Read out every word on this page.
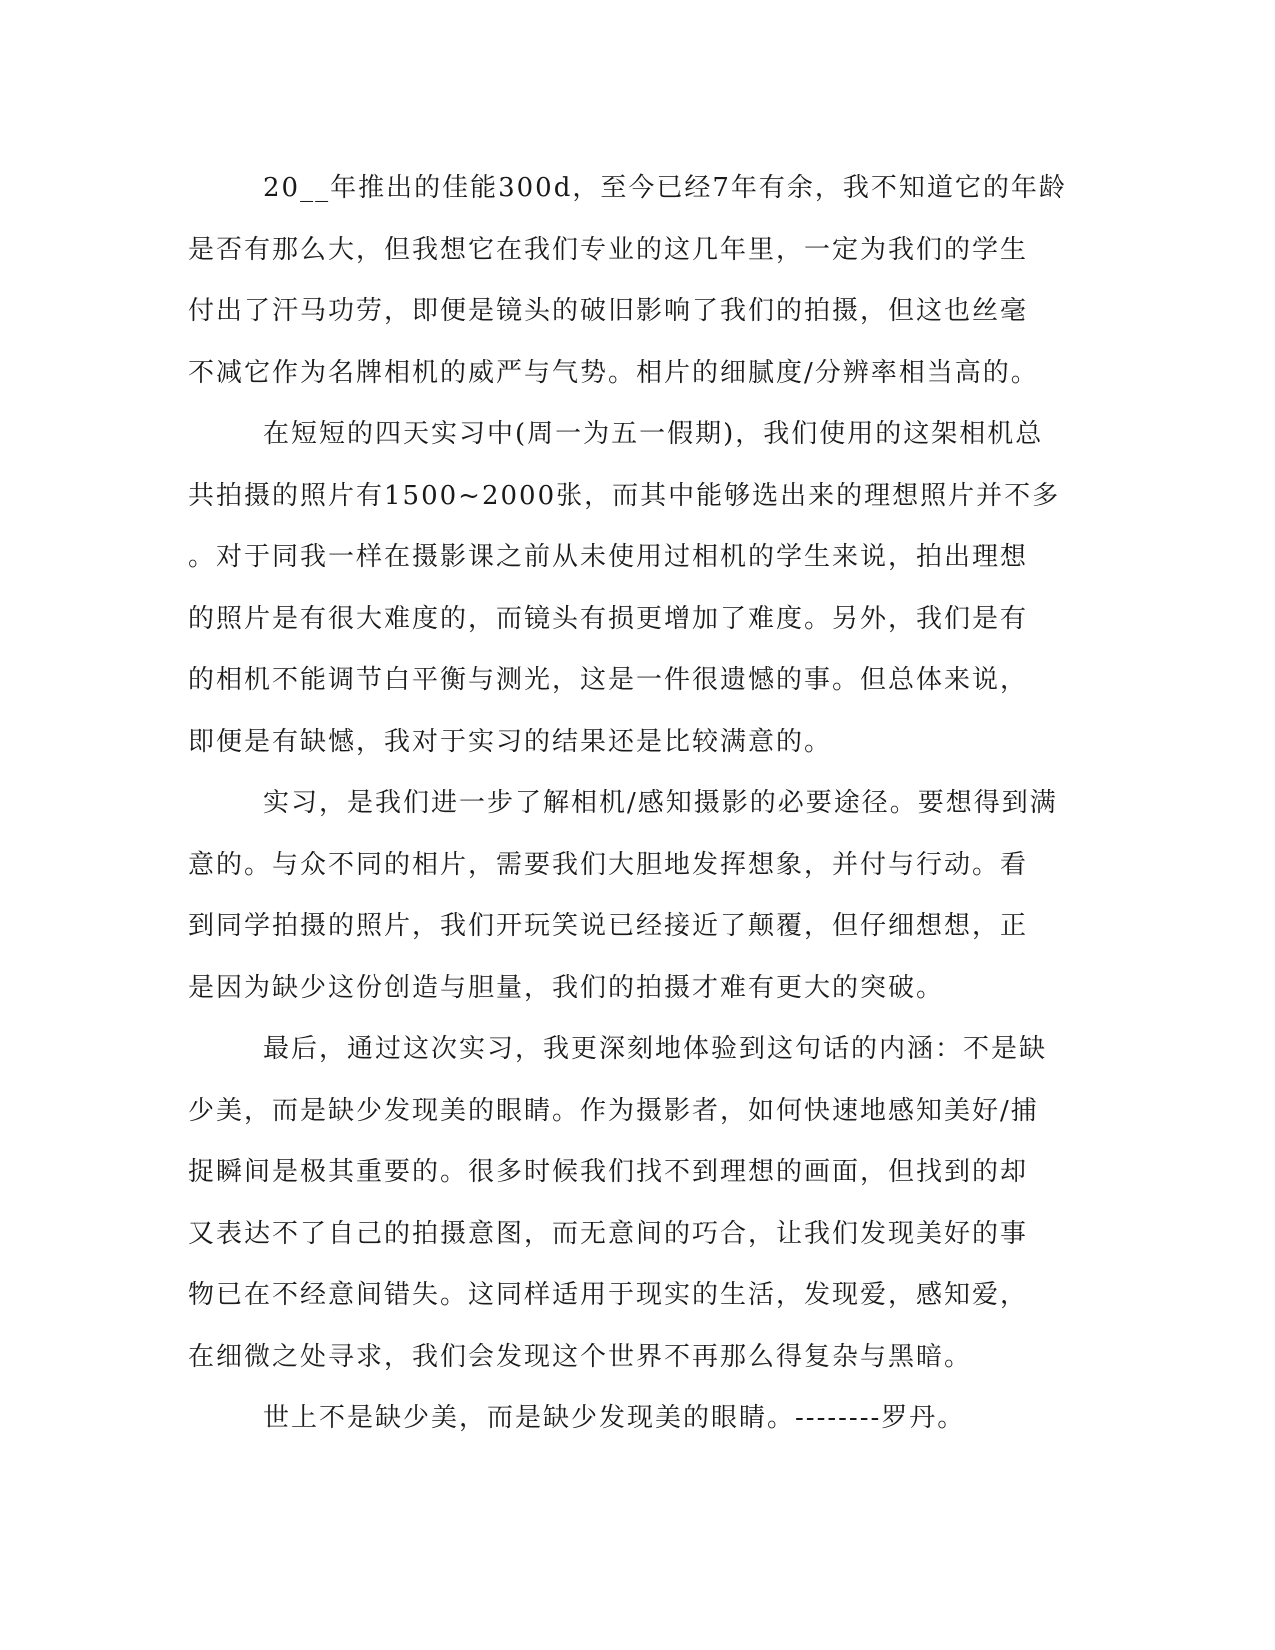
20__年推出的佳能300d，至今已经7年有余，我不知道它的年龄
是否有那么大，但我想它在我们专业的这几年里，一定为我们的学生
付出了汗马功劳，即便是镜头的破旧影响了我们的拍摄，但这也丝毫
不减它作为名牌相机的威严与气势。相片的细腻度/分辨率相当高的。
在短短的四天实习中(周一为五一假期)，我们使用的这架相机总
共拍摄的照片有1500~2000张，而其中能够选出来的理想照片并不多
。对于同我一样在摄影课之前从未使用过相机的学生来说，拍出理想
的照片是有很大难度的，而镜头有损更增加了难度。另外，我们是有
的相机不能调节白平衡与测光，这是一件很遗憾的事。但总体来说，
即便是有缺憾，我对于实习的结果还是比较满意的。
实习，是我们进一步了解相机/感知摄影的必要途径。要想得到满
意的。与众不同的相片，需要我们大胆地发挥想象，并付与行动。看
到同学拍摄的照片，我们开玩笑说已经接近了颠覆，但仔细想想，正
是因为缺少这份创造与胆量，我们的拍摄才难有更大的突破。
最后，通过这次实习，我更深刻地体验到这句话的内涵：不是缺
少美，而是缺少发现美的眼睛。作为摄影者，如何快速地感知美好/捕
捉瞬间是极其重要的。很多时候我们找不到理想的画面，但找到的却
又表达不了自己的拍摄意图，而无意间的巧合，让我们发现美好的事
物已在不经意间错失。这同样适用于现实的生活，发现爱，感知爱，
在细微之处寻求，我们会发现这个世界不再那么得复杂与黑暗。
世上不是缺少美，而是缺少发现美的眼睛。--------罗丹。
